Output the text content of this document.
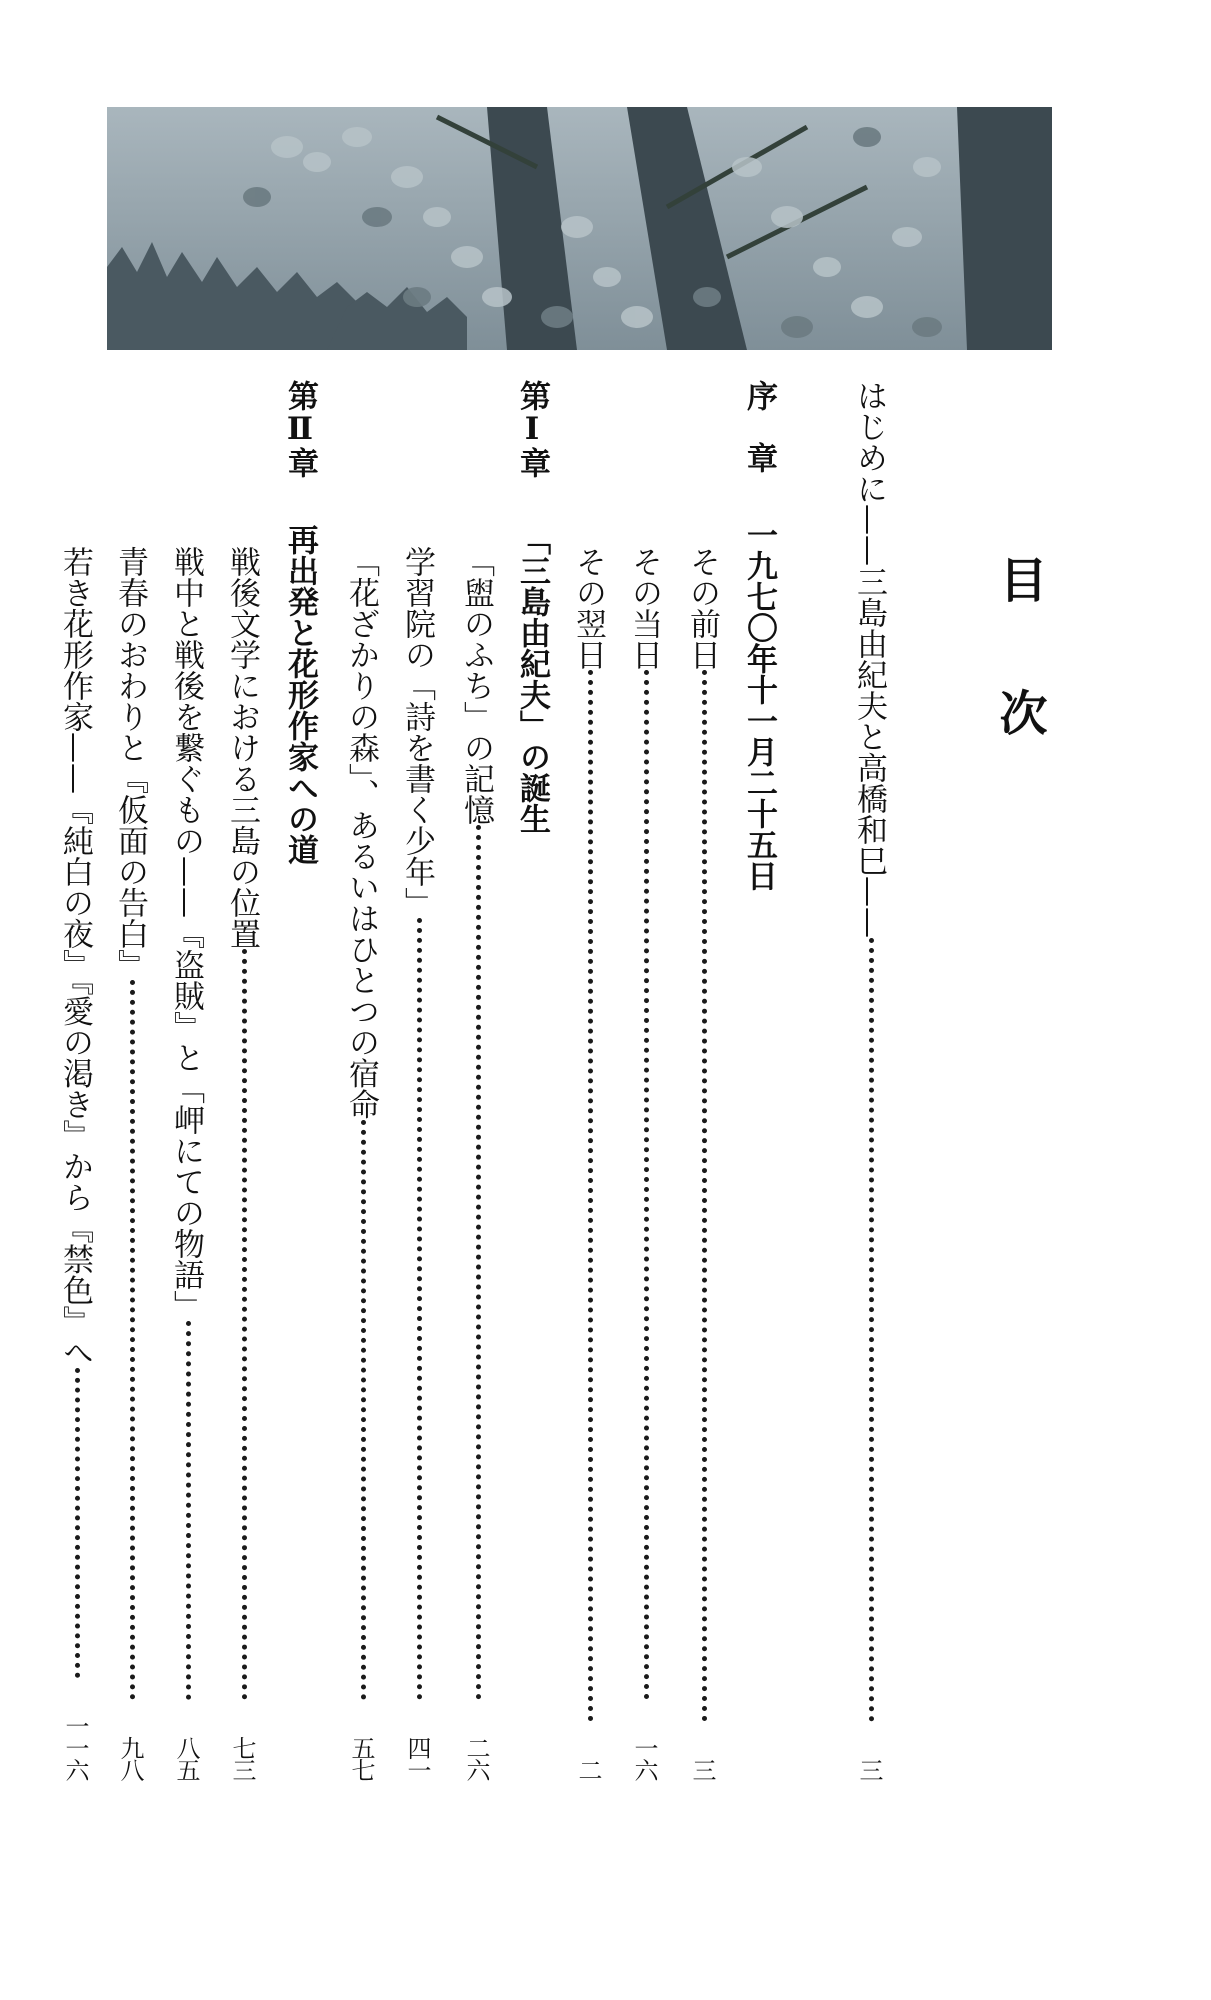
目 次
はじめに——三島由紀夫と高橋和巳——
三
序　章
一九七〇年十一月二十五日
その前日
三
その当日
一六
その翌日
二
第Ⅰ章
「三島由紀夫」の誕生
「盥のふち」の記憶
二六
学習院の「詩を書く少年」
四一
「花ざかりの森」、あるいはひとつの宿命
五七
第Ⅱ章
再出発と花形作家への道
戦後文学における三島の位置
七三
戦中と戦後を繋ぐもの——『盗賊』と「岬にての物語」
八五
青春のおわりと『仮面の告白』
九八
若き花形作家——『純白の夜』『愛の渇き』から『禁色』へ
一一六
